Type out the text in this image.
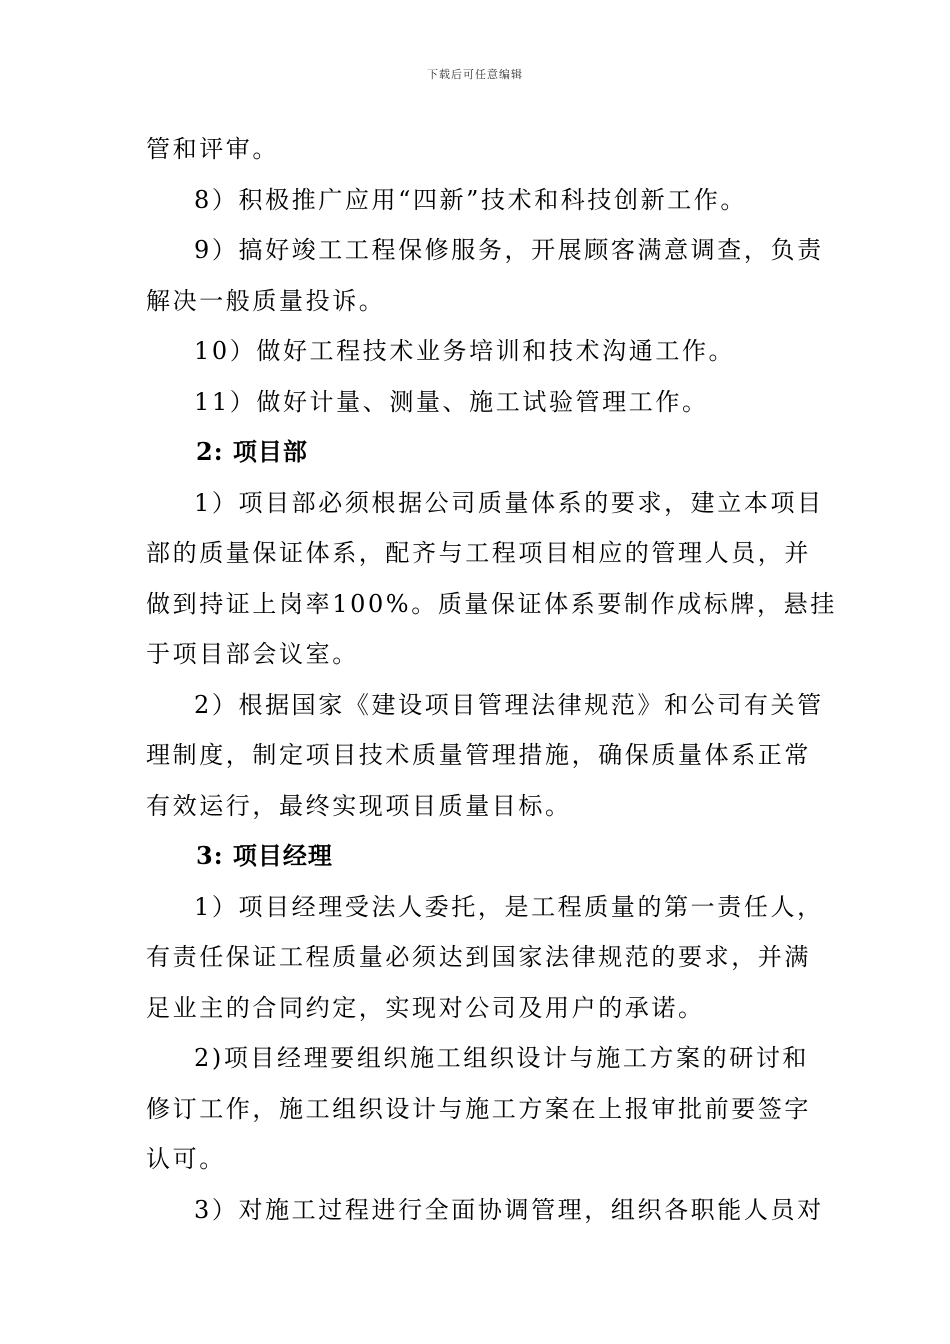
下载后可任意编辑
管和评审。
8）积极推广应用“四新”技术和科技创新工作。
9）搞好竣工工程保修服务，开展顾客满意调查，负责
解决一般质量投诉。
10）做好工程技术业务培训和技术沟通工作。
11）做好计量、测量、施工试验管理工作。
2: 项目部
1）项目部必须根据公司质量体系的要求，建立本项目
部的质量保证体系，配齐与工程项目相应的管理人员，并
做到持证上岗率100%。质量保证体系要制作成标牌，悬挂
于项目部会议室。
2）根据国家《建设项目管理法律规范》和公司有关管
理制度，制定项目技术质量管理措施，确保质量体系正常
有效运行，最终实现项目质量目标。
3: 项目经理
1）项目经理受法人委托，是工程质量的第一责任人，
有责任保证工程质量必须达到国家法律规范的要求，并满
足业主的合同约定，实现对公司及用户的承诺。
2)项目经理要组织施工组织设计与施工方案的研讨和
修订工作，施工组织设计与施工方案在上报审批前要签字
认可。
3）对施工过程进行全面协调管理，组织各职能人员对
